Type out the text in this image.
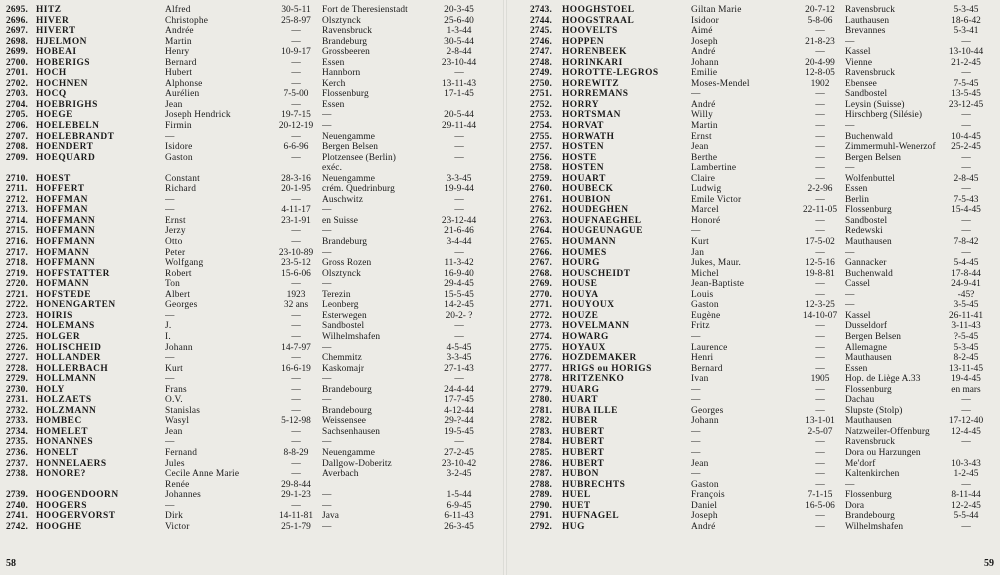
2695. HITZ	Alfred	30-5-11	Fort de Theresienstadt	20-3-45
2696. HIVER	Christophe	25-8-97	Olsztynck	25-6-40
2697. HIVERT	Andrée	—	Ravensbruck	1-3-44
2698. HJELMON	Martin	—	Brandeburg	30-5-44
2699. HOBEAI	Henry	10-9-17	Grossbeeren	2-8-44
2700. HOBERIGS	Bernard	—	Essen	23-10-44
2701. HOCH	Hubert	—	Hannborn	—
2702. HOCHNEN	Alphonse	—	Kerch	13-11-43
2703. HOCQ	Aurélien	7-5-00	Flossenburg	17-1-45
2704. HOEBRIGHS	Jean	—	Essen
2705. HOEGE	Joseph Hendrick	19-7-15	—	20-5-44
2706. HOELEBELN	Firmin	20-12-19 —	29-11-44
2707. HOELEBRANDT	—	—	Neuengamme	—
2708. HOENDERT	Isidore	6-6-96	Bergen Belsen	—
2709. HOEQUARD	Gaston	—	Plotzensee (Berlin)	—
exéc.
2710. HOEST	Constant	28-3-16	Neuengamme	3-3-45
2711. HOFFERT	Richard	20-1-95	crém. Quedrinburg	19-9-44
2712. HOFFMAN	—	—	Auschwitz	—
2713. HOFFMAN	—	4-11-17	—	—
2714. HOFFMANN	Ernst	23-1-91	en Suisse	23-12-44
2715. HOFFMANN	Jerzy	—	—	21-6-46
2716. HOFFMANN	Otto	—	Brandeburg	3-4-44
2717. HOFMANN	Peter	23-10-89 —	—
2718. HOFFMANN	Wolfgang	23-5-12	Gross Rozen	11-3-42
2719. HOFFSTATTER	Robert	15-6-06	Olsztynck	16-9-40
2720. HOFMANN	Ton	—	—	29-4-45
2721. HOFSTEDE	Albert	1923	Terezin	15-5-45
2722. HONENGARTEN	Georges	32 ans	Leonberg	14-2-45
2723. HOIRIS	—	—	Esterwegen	20-2- ?
2724. HOLEMANS	J.	—	Sandbostel	—
2725. HOLGER	I.	—	Wilhelmshafen	—
2726. HOLISCHEID	Johann	14-7-97	—	4-5-45
2727. HOLLANDER	—	—	Chemmitz	3-3-45
2728. HOLLERBACH	Kurt	16-6-19	Kaskomajr	27-1-43
2729. HOLLMANN	—	—	—	—
2730. HOLY	Frans	—	Brandebourg	24-4-44
2731. HOLZAETS	O.V.	—	—	17-7-45
2732. HOLZMANN	Stanislas	—	Brandebourg	4-12-44
2733. HOMBEC	Wasyl	5-12-98	Weissensee	29-?-44
2734. HOMELET	Jean	—	Sachsenhausen	19-5-45
2735. HONANNES	—	—	—	—
2736. HONELT	Fernand	8-8-29	Neuengamme	27-2-45
2737. HONNELAERS	Jules	—	Dallgow-Doberitz	23-10-42
2738. HONORE?	Cecile Anne Marie	—	Averbach	3-2-45
Renée	29-8-44
2739. HOOGENDOORN	Johannes	29-1-23	—	1-5-44
2740. HOOGERS	—	—	—	6-9-45
2741. HOOGERVORST	Dirk	14-11-81 Java	6-11-43
2742. HOOGHE	Victor	25-1-79	—	26-3-45
58
2743.	HOOGHSTOEL	Giltan Marie	20-7-12	Ravensbruck	5-3-45
2744.	HOOGSTRAAL	Isidoor	5-8-06	Lauthausen	18-6-42
2745.	HOOVELTS	Aimé	—	Brevannes	5-3-41
2746.	HOPPEN	Joseph	21-8-23	—	—
2747.	HORENBEEK	André	—	Kassel	13-10-44
2748.	HORINKARI	Johann	20-4-99	Vienne	21-2-45
2749.	HOROTTE-LEGROS	Emilie	12-8-05	Ravensbruck	—
2750.	HOREWITZ	Moses-Mendel	1902	Ebensee	7-5-45
2751.	HORREMANS	—	—	Sandbostel	13-5-45
2752.	HORRY	André	—	Leysin (Suisse)	23-12-45
2753.	HORTSMAN	Willy	—	Hirschberg (Silésie)	—
2754.	HORVAT	Martin	—	—	—
2755.	HORWATH	Ernst	—	Buchenwald	10-4-45
2757.	HOSTEN	Jean	—	Zimmermuhl-Wenerzof	25-2-45
2756.	HOSTE	Berthe	—	Bergen Belsen	—
2758.	HOSTEN	Lambertine	—	—	—
2759.	HOUART	Claire	—	Wolfenbuttel	2-8-45
2760.	HOUBECK	Ludwig	2-2-96	Essen	—
2761.	HOUBION	Emile Victor	—	Berlin	7-5-43
2762.	HOUDEGHEN	Marcel	22-11-05 Flossenburg	15-4-45
2763.	HOUFNAEGHEL	Honoré	—	Sandbostel	—
2764.	HOUGEUNAGUE	—	—	Redewski	—
2765.	HOUMANN	Kurt	17-5-02	Mauthausen	7-8-42
2766.	HOUMES	Jan	—	—	—
2767.	HOURG	Jukes, Maur.	12-5-16	Gannacker	5-4-45
2768.	HOUSCHEIDT	Michel	19-8-81	Buchenwald	17-8-44
2769.	HOUSE	Jean-Baptiste	—	Cassel	24-9-41
2770.	HOUYA	Louis	—	—	-45?
2771.	HOUYOUX	Gaston	12-3-25	—	3-5-45
2772.	HOUZE	Eugène	14-10-07 Kassel	26-11-41
2773.	HOVELMANN	Fritz	—	Dusseldorf	3-11-43
2774.	HOWARG	—	—	Bergen Belsen	?-5-45
2775.	HOYAUX	Laurence	—	Allemagne	5-3-45
2776.	HOZDEMAKER	Henri	—	Mauthausen	8-2-45
2777.	HRIGS ou HORIGS	Bernard	—	Essen	13-11-45
2778.	HRITZENKO	Ivan	1905	Hop. de Liège A.33	19-4-45
2779.	HUARG	—	—	Flossenburg	en mars
2780.	HUART	—	—	Dachau	—
2781.	HUBA ILLE	Georges	—	Slupste (Stolp)	—
2782.	HUBER	Johann	13-1-01	Mauthausen	17-12-40
2783.	HUBERT	—	2-5-07	Natzweiler-Offenburg	12-4-45
2784.	HUBERT	—	—	Ravensbruck	—
2785.	HUBERT	—	—	Dora ou Harzungen
2786.	HUBERT	Jean	—	Me'dorf	10-3-43
2787.	HUBON	—	—	Kaltenkirchen	1-2-45
2788.	HUBRECHTS	Gaston	—	—	—
2789.	HUEL	François	7-1-15	Flossenburg	8-11-44
2790.	HUET	Daniel	16-5-06	Dora	12-2-45
2791.	HUFNAGEL	Joseph	—	Brandebourg	5-5-44
2792.	HUG	André	—	Wilhelmshafen	—
59
